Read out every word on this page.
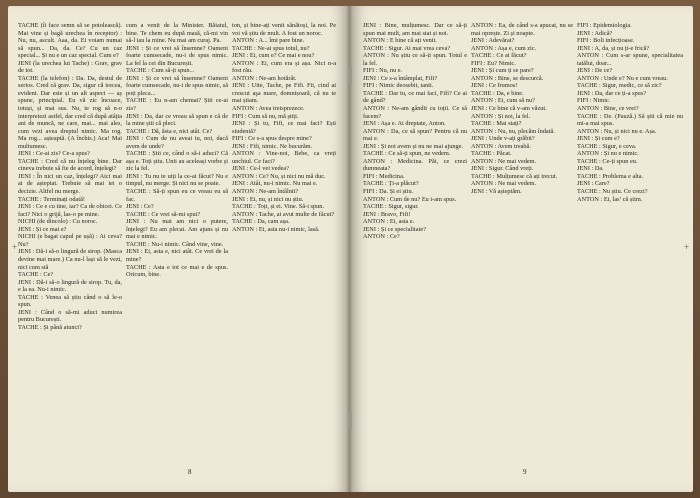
TACHE (îi face semn să se potolească). Mai vine și bagă urechea în receptor) : Nu, nu, ascult. Aaa, da. Ei voiam numai să spun... Da, da. Ce? Cu un caz special... Și nu e un caz special. Cum e?

JENI (la urechea lui Tache) : Grav, grav de tot.

TACHE (la telefon) : Da. Da, destul de serios. Cred că grav. Da, sigur că trecea, evident. Dar este și un alt aspect — aș spune, principial. Eu vă zic încoace, totuși, și mai sus. Nu, te rog să n-o interpretezi astfel, dar cred că după atâția ani de muncă, ne care, mai... mai ales, cum vezi avea dreptul nimic. Ma rog. Ma rog... așteaptă. (A închis.) Aca! Mai multumesc.

JENI : Ce-ai zis? Ce-a spus?

TACHE : Cred că nu înțeleg bine. Dar cineva trebuie să fie de acord, înțelegi?

JENI : În nici un caz, înțelegi? Aici mai ai de așteptat. Trebuie să mai iei o decizie. Altfel nu merge.

TACHE : Terminați odată!

JENI : Ce e cu tine, iar? Ca de obicei. Ce faci? Nici o grijă, las-o pe mine.

NICHI (de dincolo) : Cu noroc.

JENI : Și ce mai e?

NICHI (e bagat capul pe ușă) : Ai ceva? Nu?

JENI : Dă-i să-o lingură de sirop. (Masca devine mai mare.) Ca nu-l lași să le vezi, nici cum stă

TACHE : Ce?

JENI : Dă-i să-o lingură de sirop. Tu, da, e la ea. Nu-i nimic.

TACHE : Venea să știu când o să le-o spun.

JENI : Când o să-mi aduci numirea pentru București.

TACHE : Și până atunci?

cum a venit de la Minister. Băiatul, bine. Te chem eu după masă, că-mi vin să-l iau la mine. Nu mai am curaj. Pa.

JENI : Și ce vrei să însemne? Oameni foarte cumsecade, nu-i de spus nimic. La fel la cei din București.

TACHE : Cum să-ți spun...

JENI : Și ce vrei să însemne? Oameni foarte cumsecade, nu-i de spus nimic, să poți pleca...

TACHE : Eu n-am chemat? Știi ce-ai zis?

JENI : Da, dar ce vreau să spun e că de la mine știi că pleci.

TACHE : Dă, ăsta e, nici atât. Ce?

JENI : Cum de nu aveai tu, noi, dacă avem de unde?

TACHE : Știi ce, când o să-i aduci? Că așa e. Toți știu. Unii au aceleași vorbe și zic la fel.

JENI : Tu nu te uiți la ce-ai făcut? Nu e timpul, nu merge. Și nici nu se poate.

TACHE : Să-ți spun eu ce vreau eu să fac.

JENI : Ce?

TACHE : Ce vrei să-mi spui?

JENI : Nu mai am nici o putere, înțelegi? Eu am plecat. Am ajuns și nu mai e nimic.

TACHE : Nu-i nimic. Când vine, vine.

JENI : Ei, asta e, nici atât. Ce vrei de la mine?

TACHE : Asta e tot ce mai e de spus. Oricum, bine.

ton, și bine-ați venit sănătoși, la noi. Pe voi vă știu de mult. A fost un noroc.

ANTON : A... îmi pare bine.

TACHE : Ne-ai spus totul, nu?

JENI : Ei, cum e? Ce mai e nou?

ANTON : Ei, cum era și așa. Nici n-a fost rău.

ANTON : Ne-am hotărât.

JENI : Uite, Tache, pe Fifi. Fii, cind ai crescut aşa mare, domnișoară, că nu te mai știam.

ANTON : Avea treisprezece.

FIFI : Cum să nu, mă știți.

JENI : Și tu, Fifi, ce mai faci? Ești studentă?

FIFI : Ce s-a spus despre mine?

JENI : Fifi, nimic. Ne bucurăm.

ANTON : Vine-noi, Bebe, ca vreți unchiul. Ce faci?

JENI : Ce-l vei vedea?

ANTON : Ce? Nu, și nici nu mă duc.

JENI : Atât, nu-i nimic. Nu mai e.

ANTON : Ne-am întâlnit?

JENI : Ei, nu, și nici nu știu.

TACHE : Toți, și ei. Vine. Să-i spun.

ANTON : Tache, ai avut multe de făcut?

TACHE : Da, cam așa.

ANTON : Ei, asta nu-i nimic, lasă.

8

JENI : Bine, mulțumesc. Dar ce să-ți spun mai mult, am mai stat și noi.

ANTON : E bine că ați venit.

TACHE : Sigur. Ai mai vrea ceva?

ANTON : Nu știu ce să-ți spun. Totul e la fel.

FIFI : Nu, nu e.

JENI : Ce s-a întâmplat, Fifi?

FIFI : Nimic deosebit, tanti.

TACHE : Dar tu, ce mai faci, Fifi? Ce ai de gând?

ANTON : Ne-am gândit cu toții. Ce să facem?

JENI : Așa e. Ai dreptate, Anton.

ANTON : Da, ce să spun? Pentru că nu mai e.

JENI : Și noi avem și nu ne mai ajunge.

TACHE : Ce să-ți spun, ne vedem.

ANTON : Medicina. Păi, ce crezi dumneata?

FIFI : Medicina.

TACHE : Ți-a plăcut?

FIFI : Da. Și ei știu.

ANTON : Cum de nu? Eu i-am spus.

TACHE : Sigur, sigur.

JENI : Bravo, Fifi!

ANTON : Ei, asta e.

JENI : Și ce specialitate?

ANTON : Ce?

ANTON : Ea, de când s-a apucat, nu se mai oprește. Zi și noapte.

JENI : Adevărat?

ANTON : Așa e, cum zic.

TACHE : Ce ai făcut?

FIFI : Eu? Nimic.

JENI : Și cum ți se pare?

ANTON : Bine, se descurcă.

JENI : Ce frumos!

TACHE : Da, e bine.

ANTON : Ei, cum să nu?

JENI : Ce bine că v-am văzut.

ANTON : Și noi, la fel.

TACHE : Mai stați?

ANTON : Nu, nu, plecăm îndată.

JENI : Unde v-ați grăbit?

ANTON : Avem treabă.

TACHE : Păcat.

ANTON : Ne mai vedem.

JENI : Sigur. Când vreți.

TACHE : Mulțumesc că ați trecut.

ANTON : Ne mai vedem.

JENI : Vă așteptăm.

FIFI : Epidemiologia.

JENI : Adică?

FIFI : Boli infecțioase.

JENI : A, da, și nu ți-e frică?

ANTON : Cum s-ar spune, specialitatea tatălui, doar...

JENI : De ce?

ANTON : Unde e? Nu e cum vreau.

TACHE : Sigur, medic, ce să zic?

JENI : Da, dar ce ți-a spus?

FIFI : Nimic.

ANTON : Bine, ce vrei?

TACHE : De. (Pauză.) Să știi că mie nu mi-a mai spus.

ANTON : Nu, și nici nu e. Așa.

JENI : Și cum e?

TACHE : Sigur, e ceva.

ANTON : Și nu e nimic.

TACHE : Ce-ți spun eu.

JENI : Da.

TACHE : Problema e alta.

JENI : Care?

TACHE : Nu știu. Ce crezi?

ANTON : Ei, las’ că știm.

9
+	+
